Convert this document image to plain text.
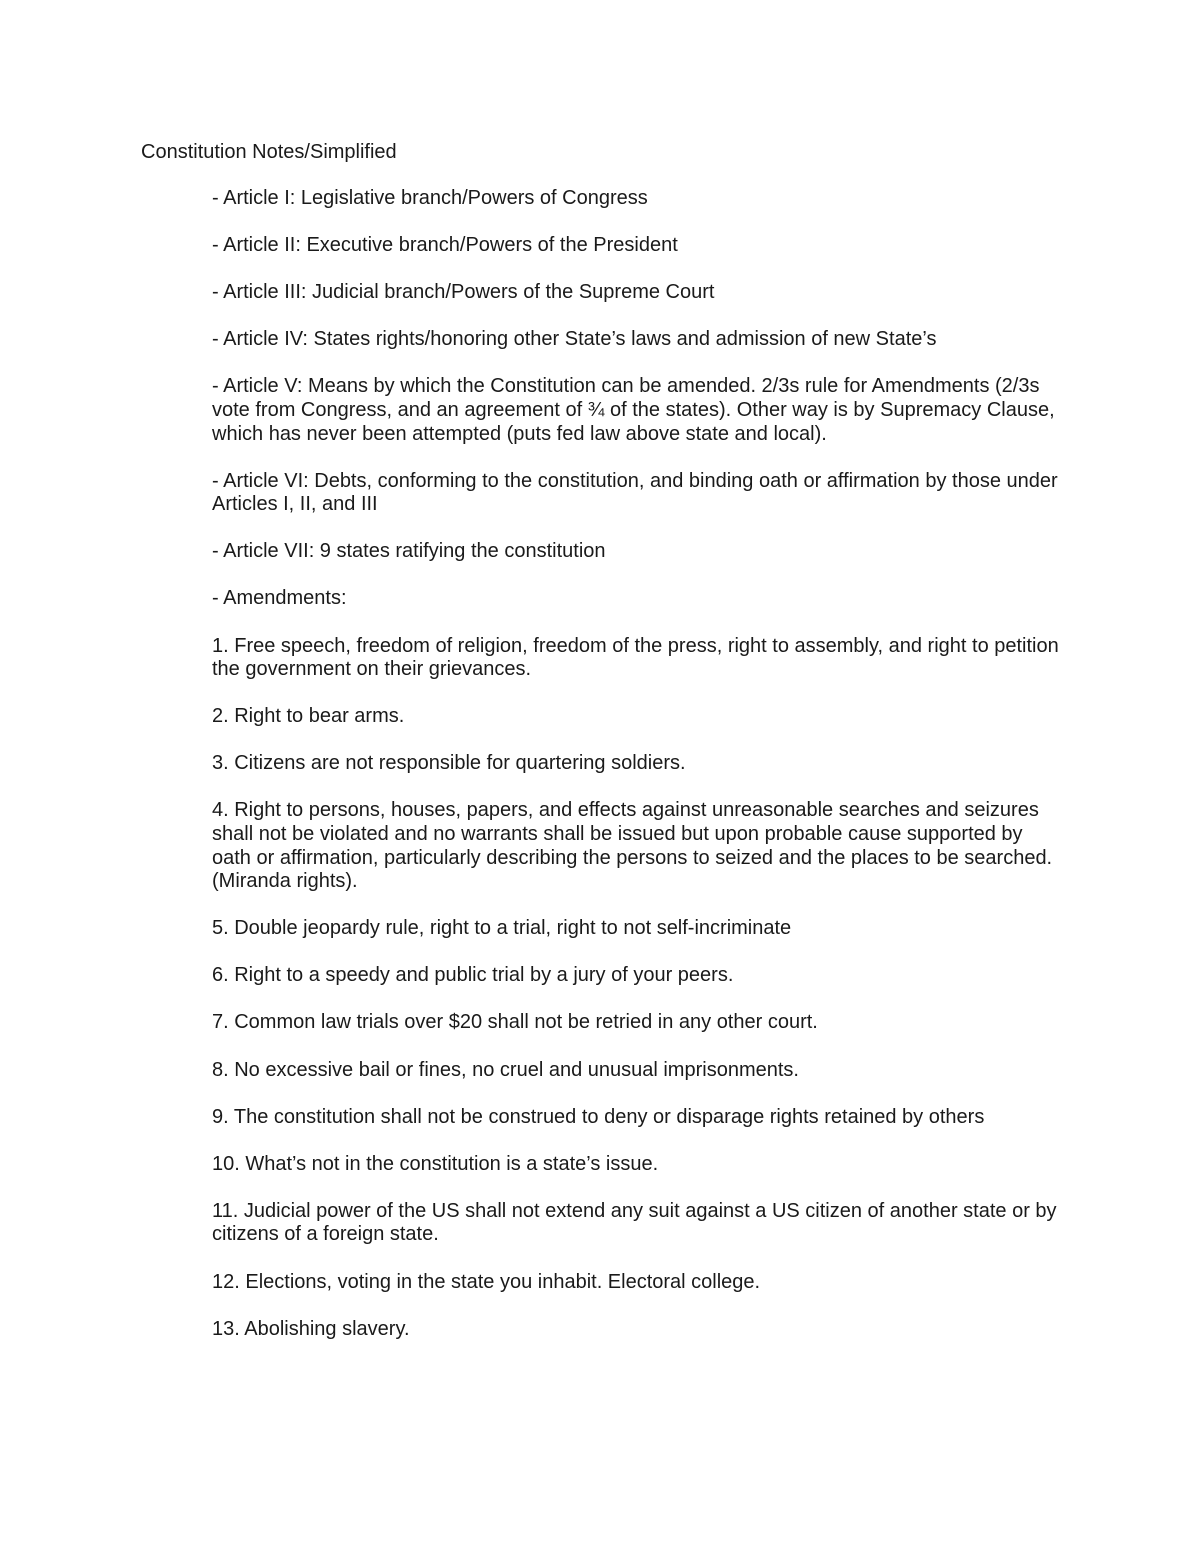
Constitution Notes/Simplified
- Article I: Legislative branch/Powers of Congress
- Article II: Executive branch/Powers of the President
- Article III: Judicial branch/Powers of the Supreme Court
- Article IV: States rights/honoring other State’s laws and admission of new State’s
- Article V: Means by which the Constitution can be amended. 2/3s rule for Amendments (2/3s vote from Congress, and an agreement of ¾ of the states). Other way is by Supremacy Clause, which has never been attempted (puts fed law above state and local).
- Article VI: Debts, conforming to the constitution, and binding oath or affirmation by those under Articles I, II, and III
- Article VII: 9 states ratifying the constitution
- Amendments:
1. Free speech, freedom of religion, freedom of the press, right to assembly, and right to petition the government on their grievances.
2. Right to bear arms.
3. Citizens are not responsible for quartering soldiers.
4. Right to persons, houses, papers, and effects against unreasonable searches and seizures shall not be violated and no warrants shall be issued but upon probable cause supported by oath or affirmation, particularly describing the persons to seized and the places to be searched. (Miranda rights).
5. Double jeopardy rule, right to a trial, right to not self-incriminate
6. Right to a speedy and public trial by a jury of your peers.
7. Common law trials over $20 shall not be retried in any other court.
8. No excessive bail or fines, no cruel and unusual imprisonments.
9. The constitution shall not be construed to deny or disparage rights retained by others
10. What’s not in the constitution is a state’s issue.
11. Judicial power of the US shall not extend any suit against a US citizen of another state or by citizens of a foreign state.
12. Elections, voting in the state you inhabit. Electoral college.
13. Abolishing slavery.
